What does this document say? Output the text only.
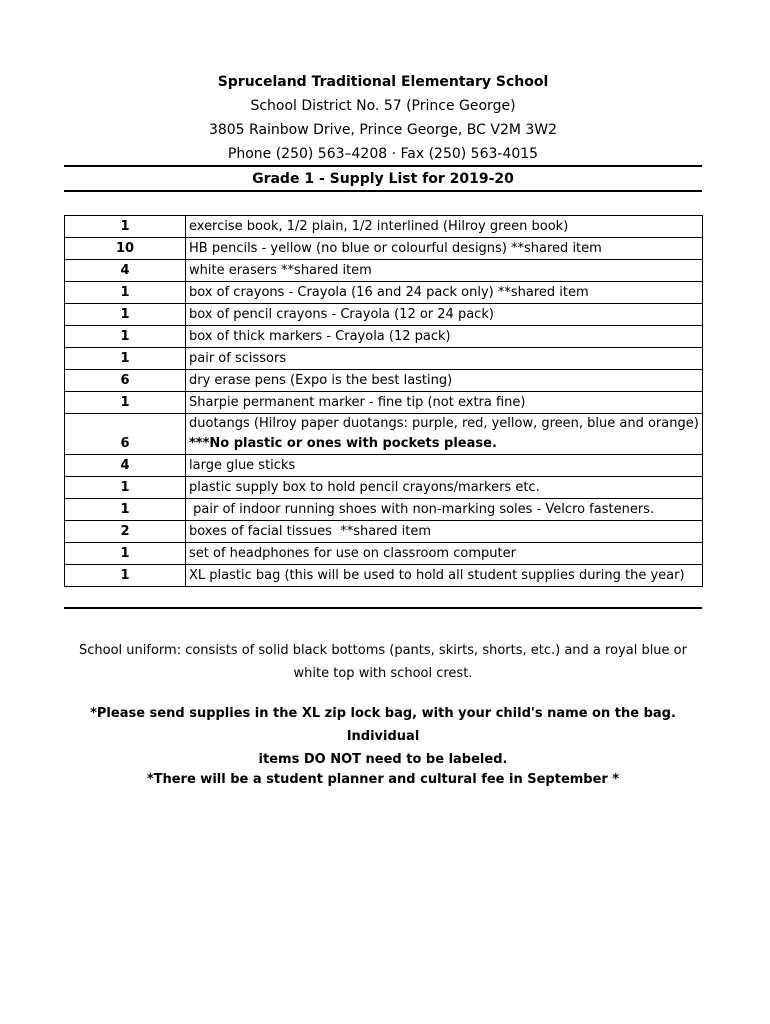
Spruceland Traditional Elementary School
School District No. 57 (Prince George)
3805 Rainbow Drive, Prince George, BC V2M 3W2
Phone (250) 563–4208 · Fax (250) 563-4015
Grade 1 - Supply List for 2019-20
1	exercise book, 1/2 plain, 1/2 interlined (Hilroy green book)
10	HB pencils - yellow (no blue or colourful designs) **shared item
4	white erasers **shared item
1	box of crayons - Crayola (16 and 24 pack only) **shared item
1	box of pencil crayons - Crayola (12 or 24 pack)
1	box of thick markers - Crayola (12 pack)
1	pair of scissors
6	dry erase pens (Expo is the best lasting)
1	Sharpie permanent marker - fine tip (not extra fine)
6	duotangs (Hilroy paper duotangs: purple, red, yellow, green, blue and orange)
***No plastic or ones with pockets please.

4	large glue sticks
1	plastic supply box to hold pencil crayons/markers etc.
1	pair of indoor running shoes with non-marking soles - Velcro fasteners.
2	boxes of facial tissues  **shared item
1	set of headphones for use on classroom computer
1	XL plastic bag (this will be used to hold all student supplies during the year)
School uniform: consists of solid black bottoms (pants, skirts, shorts, etc.) and a royal blue or
white top with school crest.
*Please send supplies in the XL zip lock bag, with your child's name on the bag. Individual
items DO NOT need to be labeled.
*There will be a student planner and cultural fee in September *
